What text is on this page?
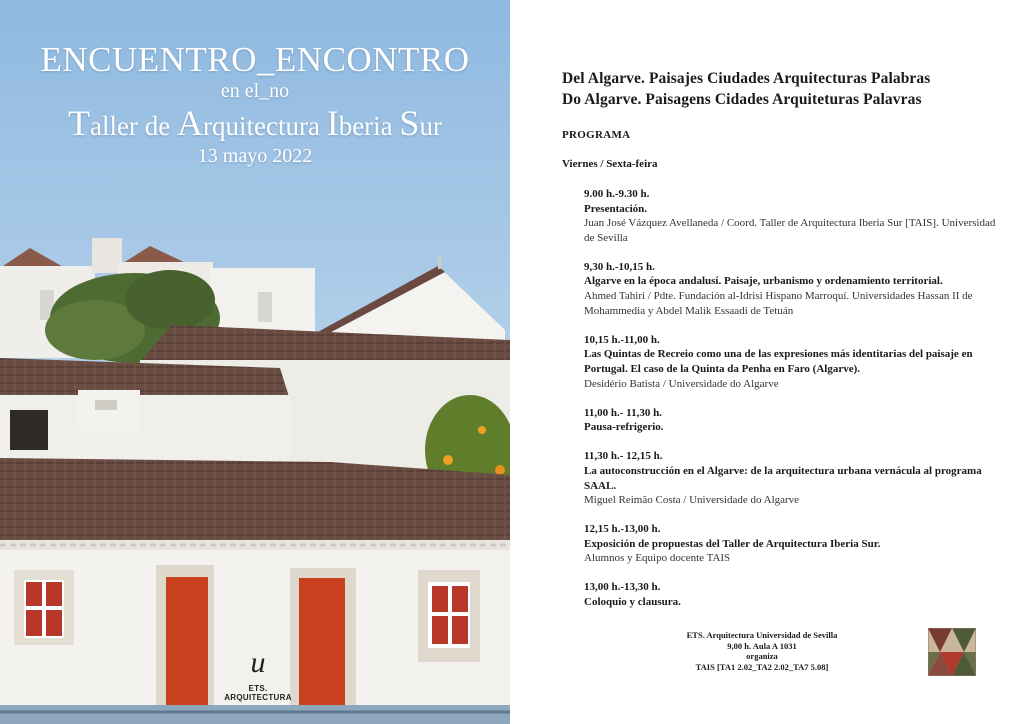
ENCUENTRO_ENCONTRO
en el_no
Taller de Arquitectura Iberia Sur
13 mayo 2022
u
ETS. ARQUITECTURA
Del Algarve. Paisajes Ciudades Arquitecturas Palabras
Do Algarve. Paisagens Cidades Arquiteturas Palavras
PROGRAMA
Viernes / Sexta-feira
9.00 h.-9.30 h.
Presentación.
Juan José Vázquez Avellaneda / Coord. Taller de Arquitectura Iberia Sur [TAIS]. Universidad de Sevilla
9,30 h.-10,15 h.
Algarve en la época andalusí. Paisaje, urbanismo y ordenamiento territorial.
Ahmed Tahiri / Pdte. Fundación al-Idrisi Hispano Marroquí. Universidades Hassan II de Mohammedia y Abdel Malik Essaadi de Tetuán
10,15 h.-11,00 h.
Las Quintas de Recreio como una de las expresiones más identitarias del paisaje en Portugal. El caso de la Quinta da Penha en Faro (Algarve).
Desidério Batista / Universidade do Algarve
11,00 h.- 11,30 h.
Pausa-refrigerio.
11,30 h.- 12,15 h.
La autoconstrucción en el Algarve: de la arquitectura urbana vernácula al programa SAAL.
Miguel Reimão Costa / Universidade do Algarve
12,15 h.-13,00 h.
Exposición de propuestas del Taller de Arquitectura Iberia Sur.
Alumnos y Equipo docente TAIS
13,00 h.-13,30 h.
Coloquio y clausura.
ETS. Arquitectura Universidad de Sevilla
9,00 h. Aula A 1031
organiza
TAIS [TA1 2.02_TA2 2.02_TA7 5.08]
